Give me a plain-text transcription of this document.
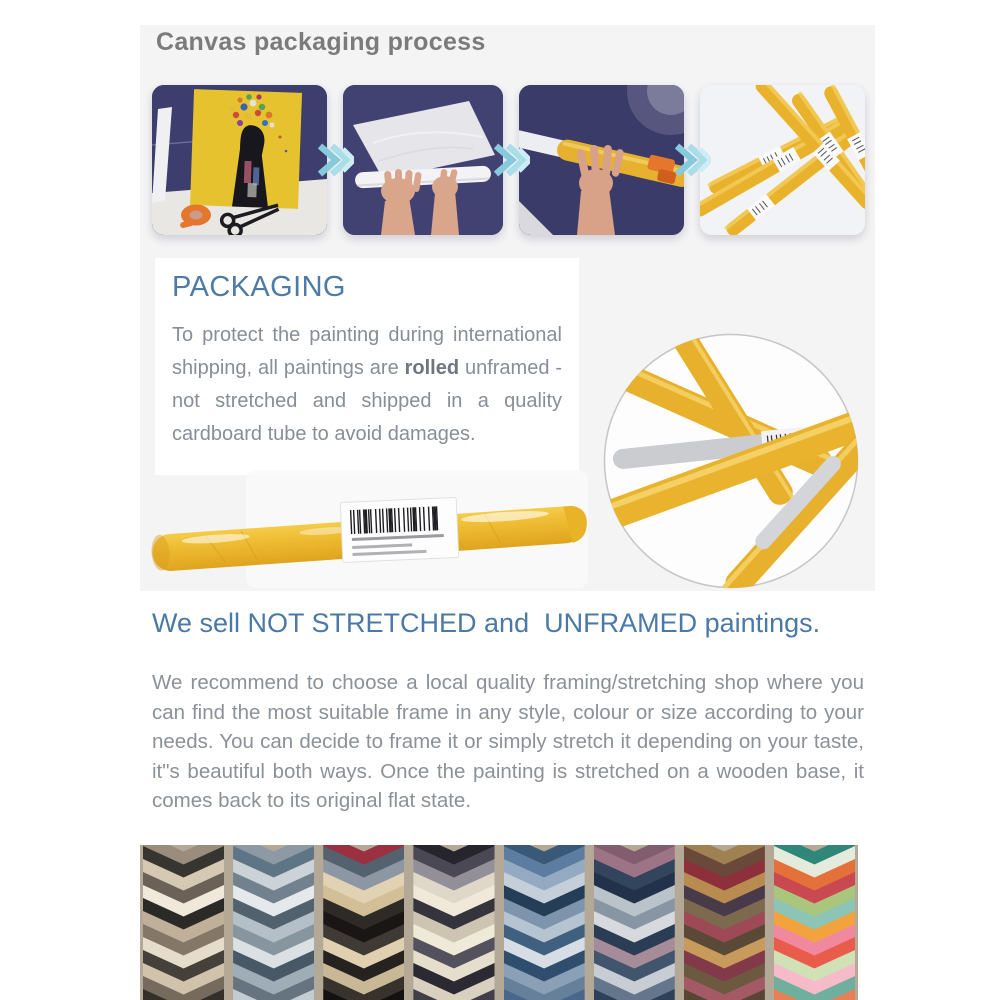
Canvas packaging process
PACKAGING

To protect the painting during international shipping, all paintings are rolled unframed - not stretched and shipped in a quality cardboard tube to avoid damages.

We sell NOT STRETCHED and  UNFRAMED paintings.

We recommend to choose a local quality framing/stretching shop where you can find the most suitable frame in any style, colour or size according to your needs. You can decide to frame it or simply stretch it depending on your taste, it"s beautiful both ways. Once the painting is stretched on a wooden base, it comes back to its original flat state.
